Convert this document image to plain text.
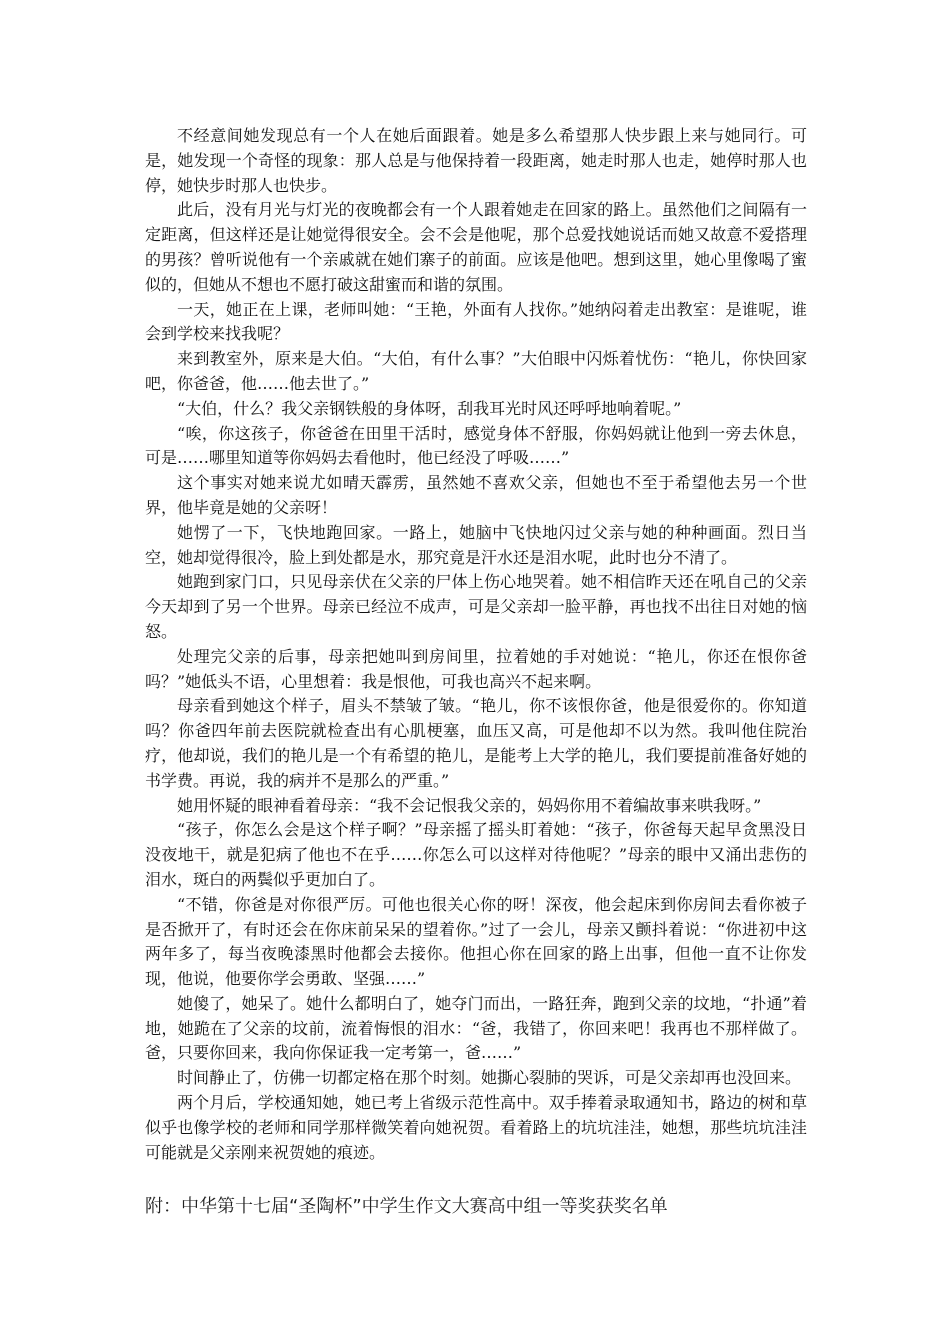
不经意间她发现总有一个人在她后面跟着。她是多么希望那人快步跟上来与她同行。可是，她发现一个奇怪的现象：那人总是与他保持着一段距离，她走时那人也走，她停时那人也停，她快步时那人也快步。

此后，没有月光与灯光的夜晚都会有一个人跟着她走在回家的路上。虽然他们之间隔有一定距离，但这样还是让她觉得很安全。会不会是他呢，那个总爱找她说话而她又故意不爱搭理的男孩？曾听说他有一个亲戚就在她们寨子的前面。应该是他吧。想到这里，她心里像喝了蜜似的，但她从不想也不愿打破这甜蜜而和谐的氛围。

一天，她正在上课，老师叫她：“王艳，外面有人找你。”她纳闷着走出教室：是谁呢，谁会到学校来找我呢？

来到教室外，原来是大伯。“大伯，有什么事？”大伯眼中闪烁着忧伤：“艳儿，你快回家吧，你爸爸，他……他去世了。”

“大伯，什么？我父亲钢铁般的身体呀，刮我耳光时风还呼呼地响着呢。”

“唉，你这孩子，你爸爸在田里干活时，感觉身体不舒服，你妈妈就让他到一旁去休息，可是……哪里知道等你妈妈去看他时，他已经没了呼吸……”

这个事实对她来说尤如晴天霹雳，虽然她不喜欢父亲，但她也不至于希望他去另一个世界，他毕竟是她的父亲呀！

她愣了一下，飞快地跑回家。一路上，她脑中飞快地闪过父亲与她的种种画面。烈日当空，她却觉得很冷，脸上到处都是水，那究竟是汗水还是泪水呢，此时也分不清了。

她跑到家门口，只见母亲伏在父亲的尸体上伤心地哭着。她不相信昨天还在吼自己的父亲今天却到了另一个世界。母亲已经泣不成声，可是父亲却一脸平静，再也找不出往日对她的恼怒。

处理完父亲的后事，母亲把她叫到房间里，拉着她的手对她说：“艳儿，你还在恨你爸吗？”她低头不语，心里想着：我是恨他，可我也高兴不起来啊。

母亲看到她这个样子，眉头不禁皱了皱。“艳儿，你不该恨你爸，他是很爱你的。你知道吗？你爸四年前去医院就检查出有心肌梗塞，血压又高，可是他却不以为然。我叫他住院治疗，他却说，我们的艳儿是一个有希望的艳儿，是能考上大学的艳儿，我们要提前准备好她的书学费。再说，我的病并不是那么的严重。”

她用怀疑的眼神看着母亲：“我不会记恨我父亲的，妈妈你用不着编故事来哄我呀。”

“孩子，你怎么会是这个样子啊？”母亲摇了摇头盯着她：“孩子，你爸每天起早贪黑没日没夜地干，就是犯病了他也不在乎……你怎么可以这样对待他呢？”母亲的眼中又涌出悲伤的泪水，斑白的两鬓似乎更加白了。

“不错，你爸是对你很严厉。可他也很关心你的呀！深夜，他会起床到你房间去看你被子是否掀开了，有时还会在你床前呆呆的望着你。”过了一会儿，母亲又颤抖着说：“你进初中这两年多了，每当夜晚漆黑时他都会去接你。他担心你在回家的路上出事，但他一直不让你发现，他说，他要你学会勇敢、坚强……”

她傻了，她呆了。她什么都明白了，她夺门而出，一路狂奔，跑到父亲的坟地，“扑通”着地，她跪在了父亲的坟前，流着悔恨的泪水：“爸，我错了，你回来吧！我再也不那样做了。爸，只要你回来，我向你保证我一定考第一，爸……”

时间静止了，仿佛一切都定格在那个时刻。她撕心裂肺的哭诉，可是父亲却再也没回来。

两个月后，学校通知她，她已考上省级示范性高中。双手捧着录取通知书，路边的树和草似乎也像学校的老师和同学那样微笑着向她祝贺。看着路上的坑坑洼洼，她想，那些坑坑洼洼可能就是父亲刚来祝贺她的痕迹。

附：中华第十七届“圣陶杯”中学生作文大赛高中组一等奖获奖名单
